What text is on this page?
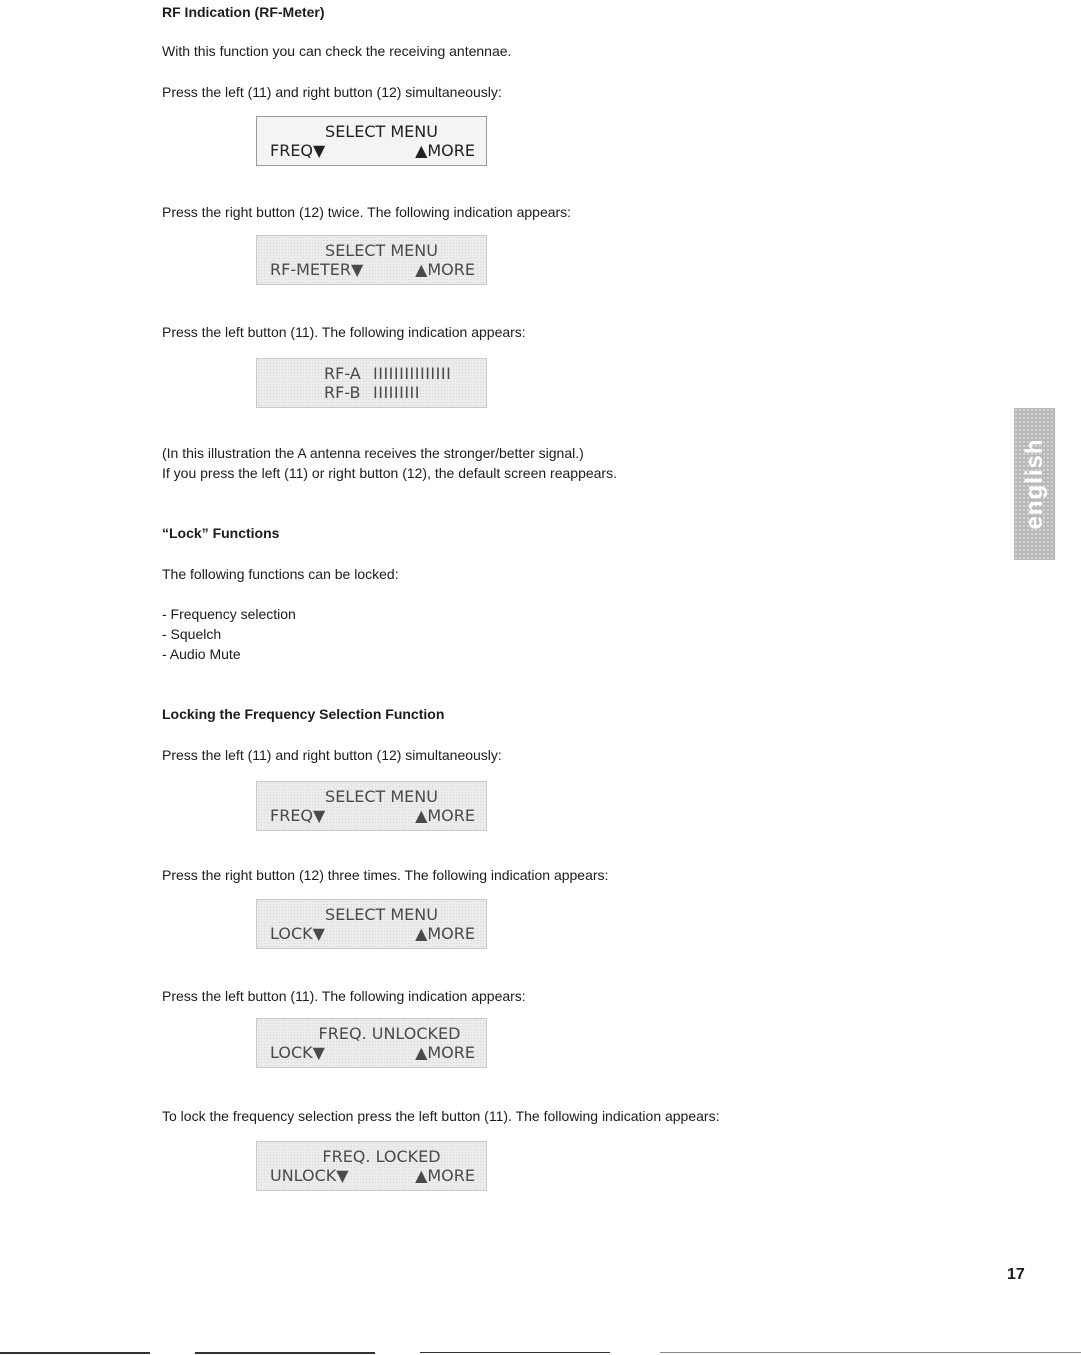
RF Indication (RF-Meter)

With this function you can check the receiving antennae.

Press the left (11) and right button (12) simultaneously:

SELECT MENU
FREQ▼	▲MORE

Press the right button (12) twice. The following indication appears:

SELECT MENU
RF-METER▼	▲MORE

Press the left button (11). The following indication appears:

RF-A IIIIIIIIIIIIIII
RF-B IIIIIIIII

(In this illustration the A antenna receives the stronger/better signal.)

If you press the left (11) or right button (12), the default screen reappears.

“Lock” Functions

The following functions can be locked:

- Frequency selection

- Squelch

- Audio Mute

Locking the Frequency Selection Function

Press the left (11) and right button (12) simultaneously:

SELECT MENU
FREQ▼	▲MORE

Press the right button (12) three times. The following indication appears:

SELECT MENU
LOCK▼	▲MORE

Press the left button (11). The following indication appears:

FREQ. UNLOCKED
LOCK▼	▲MORE

To lock the frequency selection press the left button (11). The following indication appears:

FREQ. LOCKED
UNLOCK▼	▲MORE
english

17
